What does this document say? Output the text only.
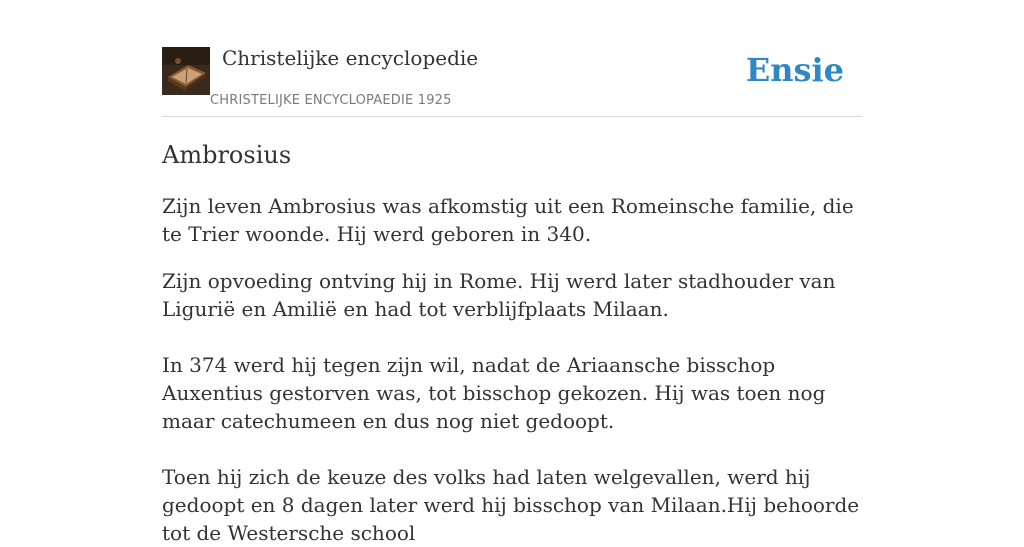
Christelijke encyclopedie
CHRISTELIJKE ENCYCLOPAEDIE 1925
Ensie
Ambrosius

Zijn leven Ambrosius was afkomstig uit een Romeinsche familie, die te Trier woonde. Hij werd geboren in 340.

Zijn opvoeding ontving hij in Rome. Hij werd later stadhouder van Ligurië en Amilië en had tot verblijfplaats Milaan.

In 374 werd hij tegen zijn wil, nadat de Ariaansche bisschop Auxentius gestorven was, tot bisschop gekozen. Hij was toen nog maar catechumeen en dus nog niet gedoopt.

Toen hij zich de keuze des volks had laten welgevallen, werd hij gedoopt en 8 dagen later werd hij bisschop van Milaan.Hij behoorde tot de Westersche school
